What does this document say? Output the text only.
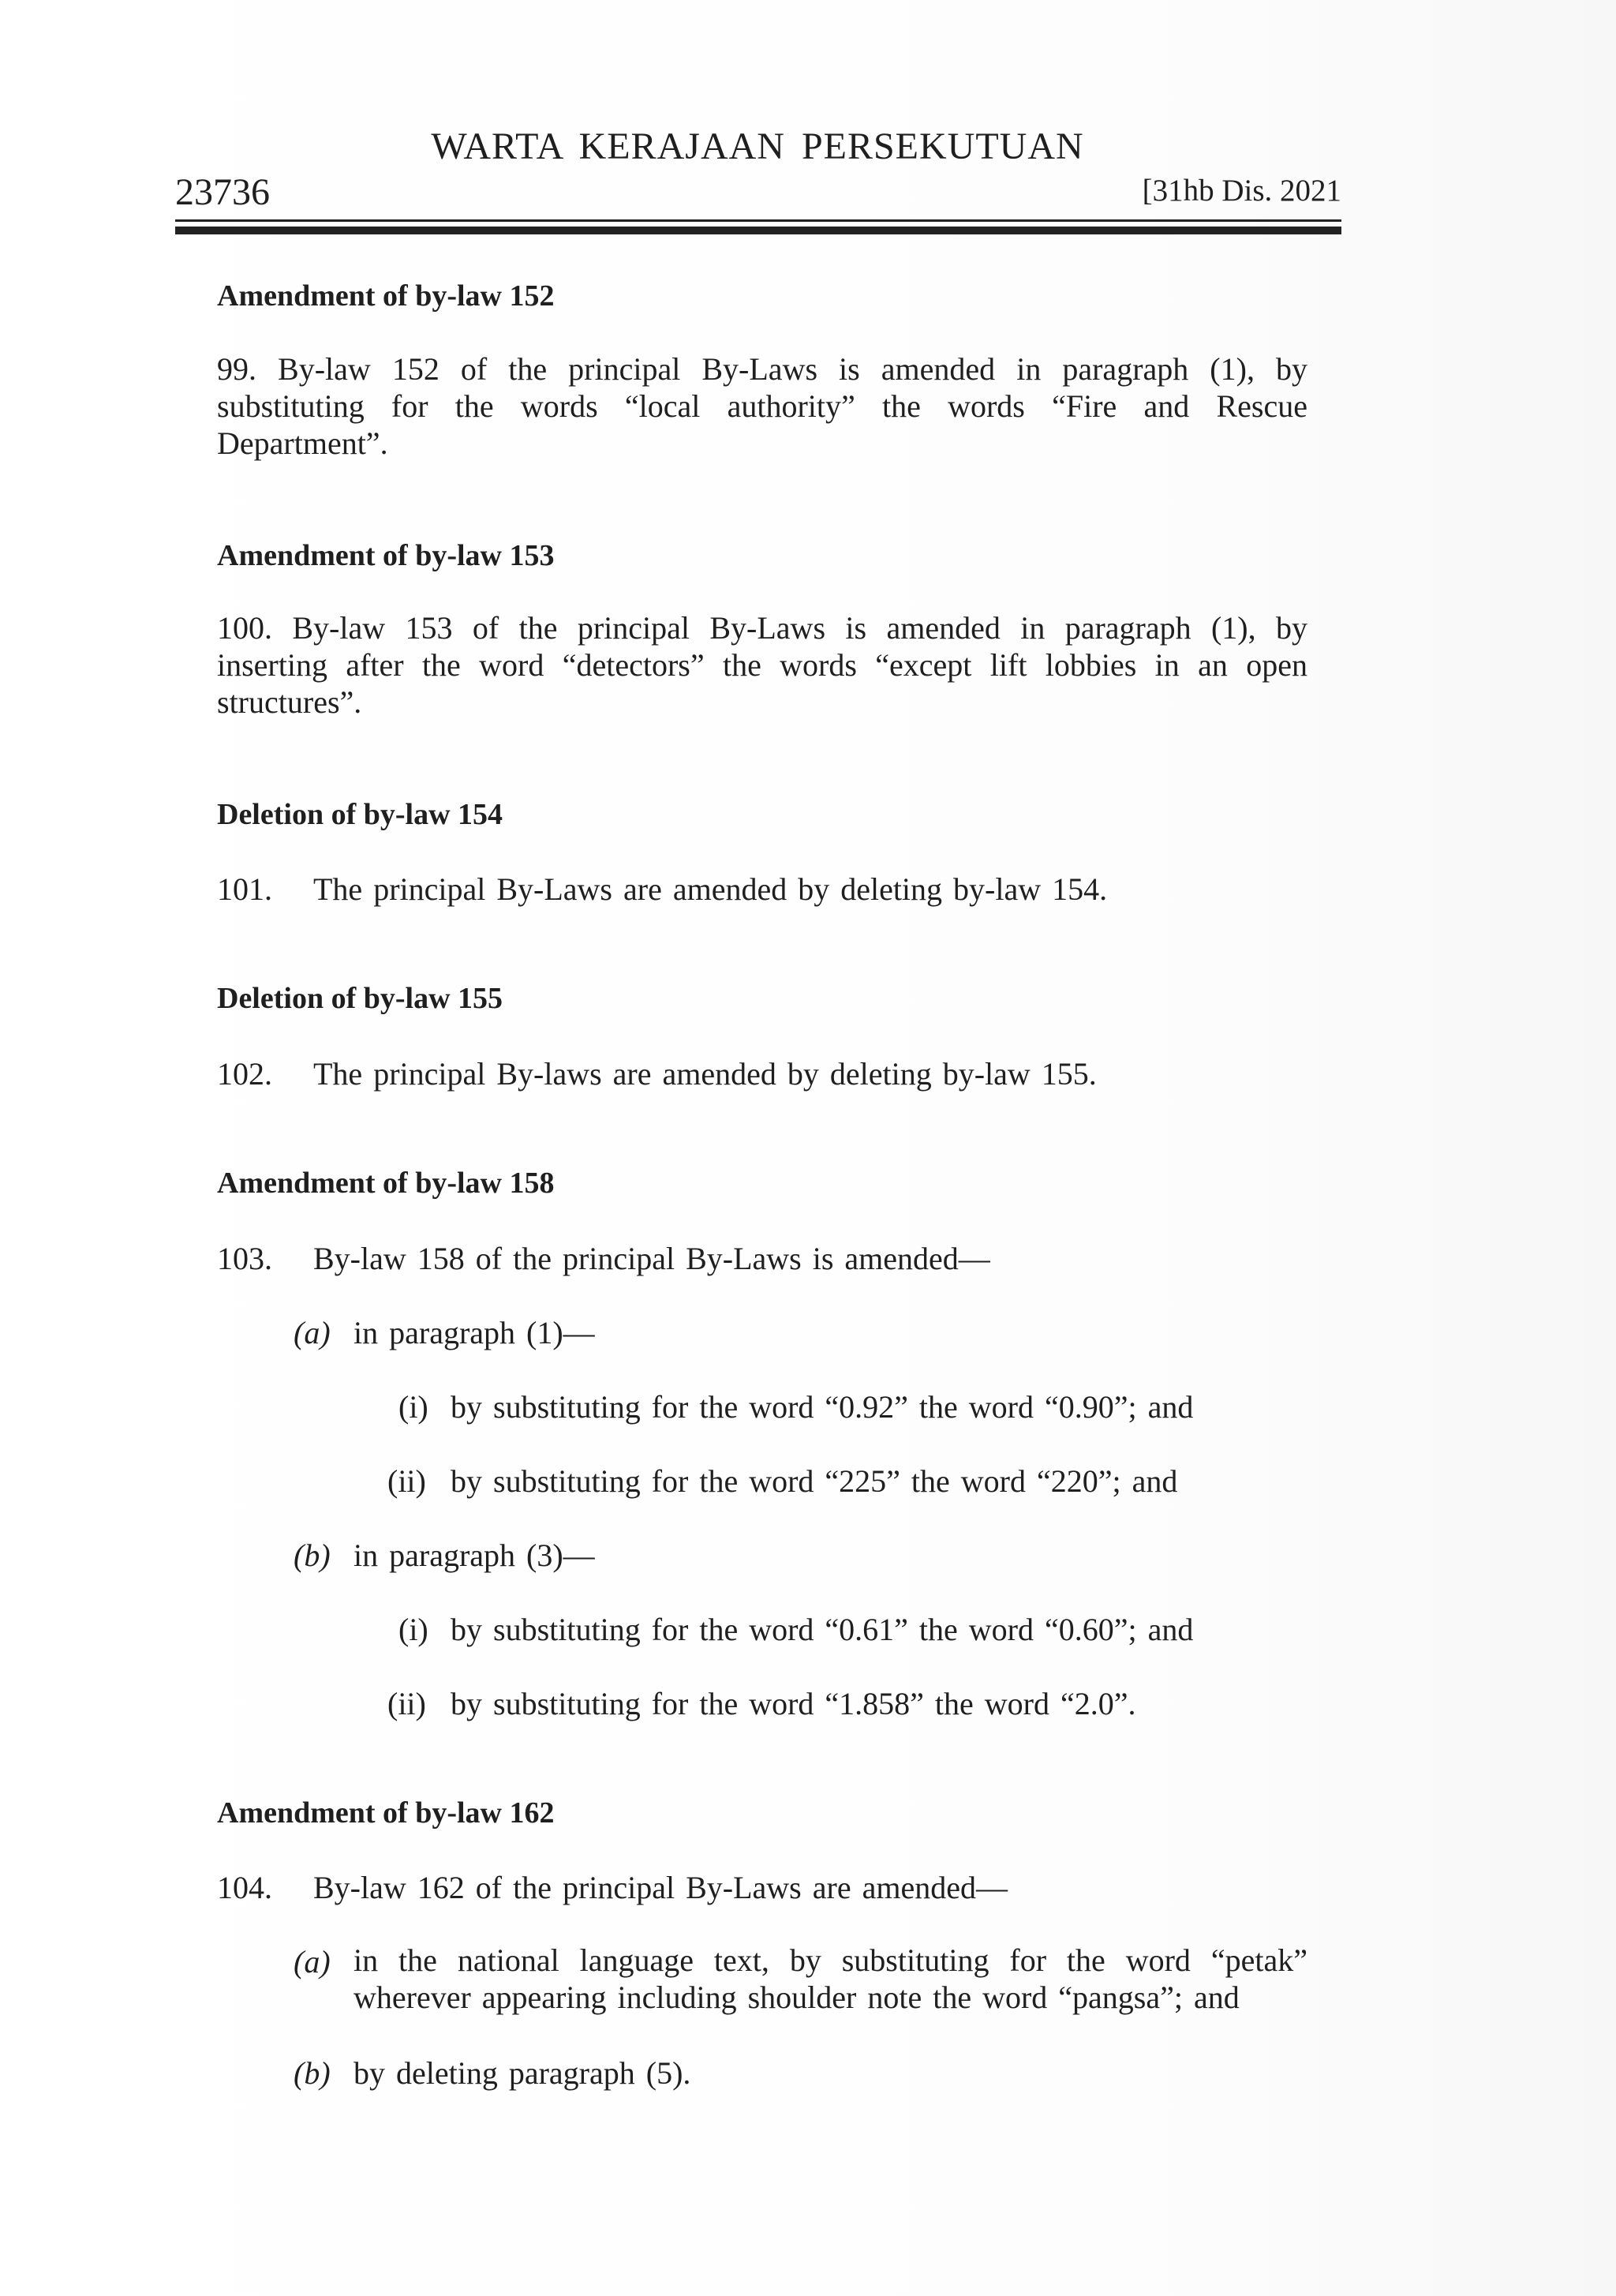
WARTA KERAJAAN PERSEKUTUAN
23736	[31hb Dis. 2021
Amendment of by-law 152
99. By-law 152 of the principal By-Laws is amended in paragraph (1), by substituting for the words “local authority” the words “Fire and Rescue Department”.
Amendment of by-law 153
100. By-law 153 of the principal By-Laws is amended in paragraph (1), by inserting after the word “detectors” the words “except lift lobbies in an open structures”.
Deletion of by-law 154
101. The principal By-Laws are amended by deleting by-law 154.
Deletion of by-law 155
102. The principal By-laws are amended by deleting by-law 155.
Amendment of by-law 158
103. By-law 158 of the principal By-Laws is amended—
(a) in paragraph (1)—
(i) by substituting for the word “0.92” the word “0.90”; and
(ii) by substituting for the word “225” the word “220”; and
(b) in paragraph (3)—
(i) by substituting for the word “0.61” the word “0.60”; and
(ii) by substituting for the word “1.858” the word “2.0”.
Amendment of by-law 162
104. By-law 162 of the principal By-Laws are amended—
(a) in the national language text, by substituting for the word “petak” wherever appearing including shoulder note the word “pangsa”; and
(b) by deleting paragraph (5).
